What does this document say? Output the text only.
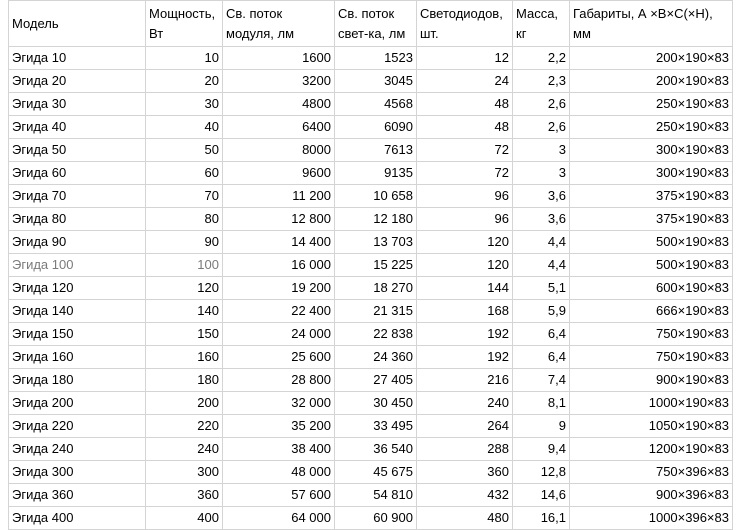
Модель	Мощность, Вт	Св. поток модуля, лм	Св. поток свет-ка, лм	Светодиодов, шт.	Масса, кг	Габариты, А ×В×С(×Н), мм
Эгида 10	10	1600	1523	12	2,2	200×190×83
Эгида 20	20	3200	3045	24	2,3	200×190×83
Эгида 30	30	4800	4568	48	2,6	250×190×83
Эгида 40	40	6400	6090	48	2,6	250×190×83
Эгида 50	50	8000	7613	72	3	300×190×83
Эгида 60	60	9600	9135	72	3	300×190×83
Эгида 70	70	11 200	10 658	96	3,6	375×190×83
Эгида 80	80	12 800	12 180	96	3,6	375×190×83
Эгида 90	90	14 400	13 703	120	4,4	500×190×83
Эгида 100	100	16 000	15 225	120	4,4	500×190×83
Эгида 120	120	19 200	18 270	144	5,1	600×190×83
Эгида 140	140	22 400	21 315	168	5,9	666×190×83
Эгида 150	150	24 000	22 838	192	6,4	750×190×83
Эгида 160	160	25 600	24 360	192	6,4	750×190×83
Эгида 180	180	28 800	27 405	216	7,4	900×190×83
Эгида 200	200	32 000	30 450	240	8,1	1000×190×83
Эгида 220	220	35 200	33 495	264	9	1050×190×83
Эгида 240	240	38 400	36 540	288	9,4	1200×190×83
Эгида 300	300	48 000	45 675	360	12,8	750×396×83
Эгида 360	360	57 600	54 810	432	14,6	900×396×83
Эгида 400	400	64 000	60 900	480	16,1	1000×396×83
